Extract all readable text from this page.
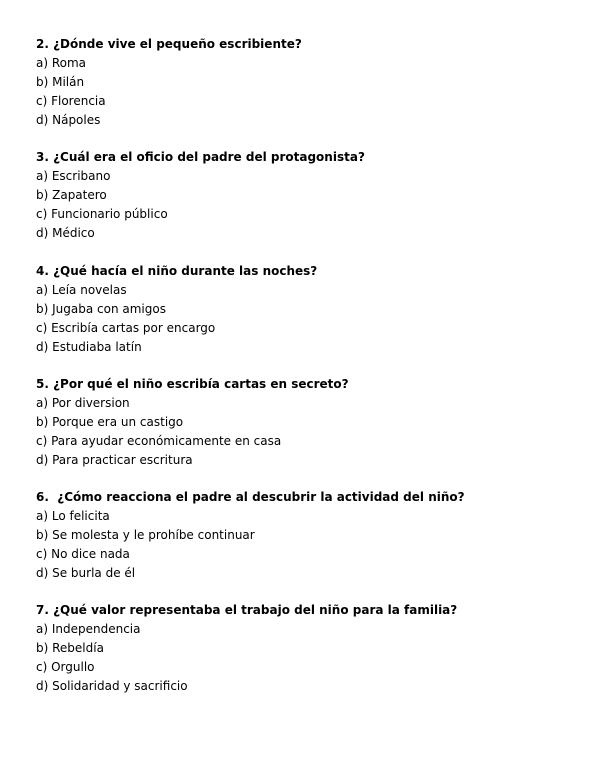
2. ¿Dónde vive el pequeño escribiente?

a) Roma
b) Milán
c) Florencia
d) Nápoles

3. ¿Cuál era el oficio del padre del protagonista?

a) Escribano
b) Zapatero
c) Funcionario público
d) Médico

4. ¿Qué hacía el niño durante las noches?

a) Leía novelas
b) Jugaba con amigos
c) Escribía cartas por encargo
d) Estudiaba latín

5. ¿Por qué el niño escribía cartas en secreto?

a) Por diversion
b) Porque era un castigo
c) Para ayudar económicamente en casa
d) Para practicar escritura

6.  ¿Cómo reacciona el padre al descubrir la actividad del niño?

a) Lo felicita
b) Se molesta y le prohíbe continuar
c) No dice nada
d) Se burla de él

7. ¿Qué valor representaba el trabajo del niño para la familia?

a) Independencia
b) Rebeldía
c) Orgullo
d) Solidaridad y sacrificio
